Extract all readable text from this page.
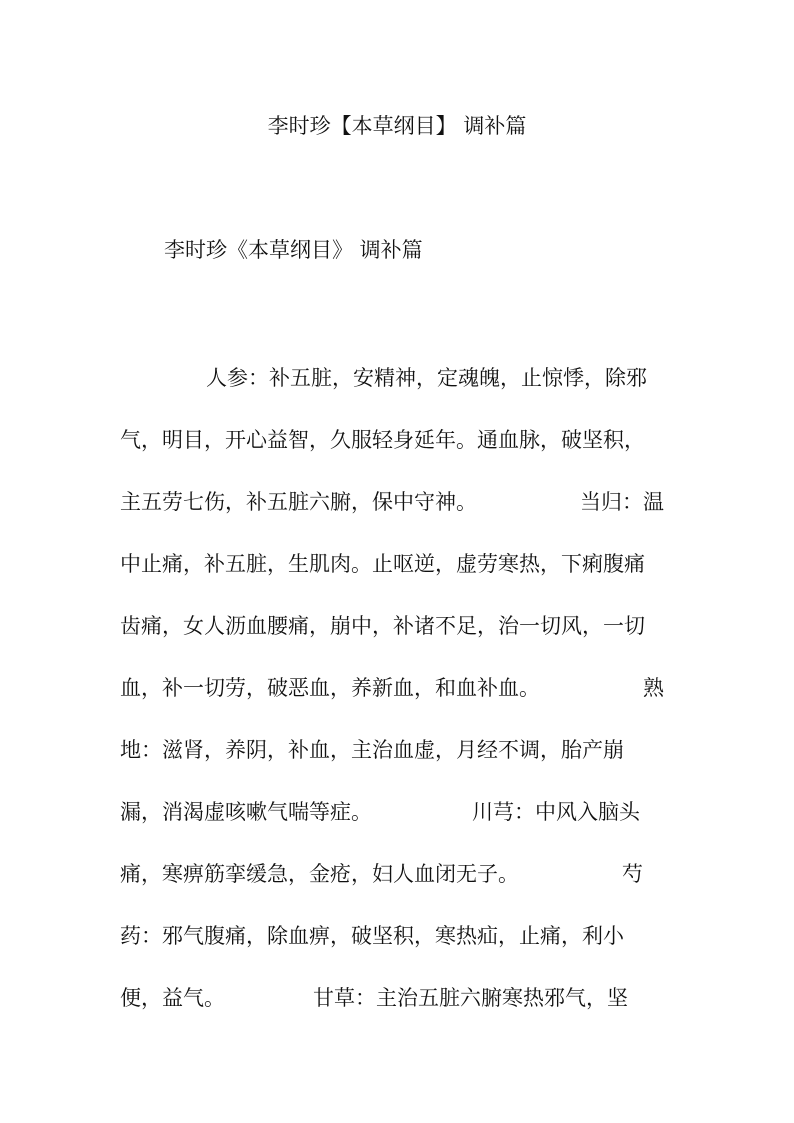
李时珍【本草纲目】 调补篇
李时珍《本草纲目》 调补篇
人参：补五脏，安精神，定魂魄，止惊悸，除邪
气，明目，开心益智，久服轻身延年。通血脉，破坚积，
主五劳七伤，补五脏六腑，保中守神。	当归：温
中止痛，补五脏，生肌肉。止呕逆，虚劳寒热，下痢腹痛
齿痛，女人沥血腰痛，崩中，补诸不足，治一切风，一切
血，补一切劳，破恶血，养新血，和血补血。	熟
地：滋肾，养阴，补血，主治血虚，月经不调，胎产崩
漏，消渴虚咳嗽气喘等症。	川芎：中风入脑头
痛，寒痹筋挛缓急，金疮，妇人血闭无子。	芍
药：邪气腹痛，除血痹，破坚积，寒热疝，止痛，利小
便，益气。	甘草：主治五脏六腑寒热邪气，坚
